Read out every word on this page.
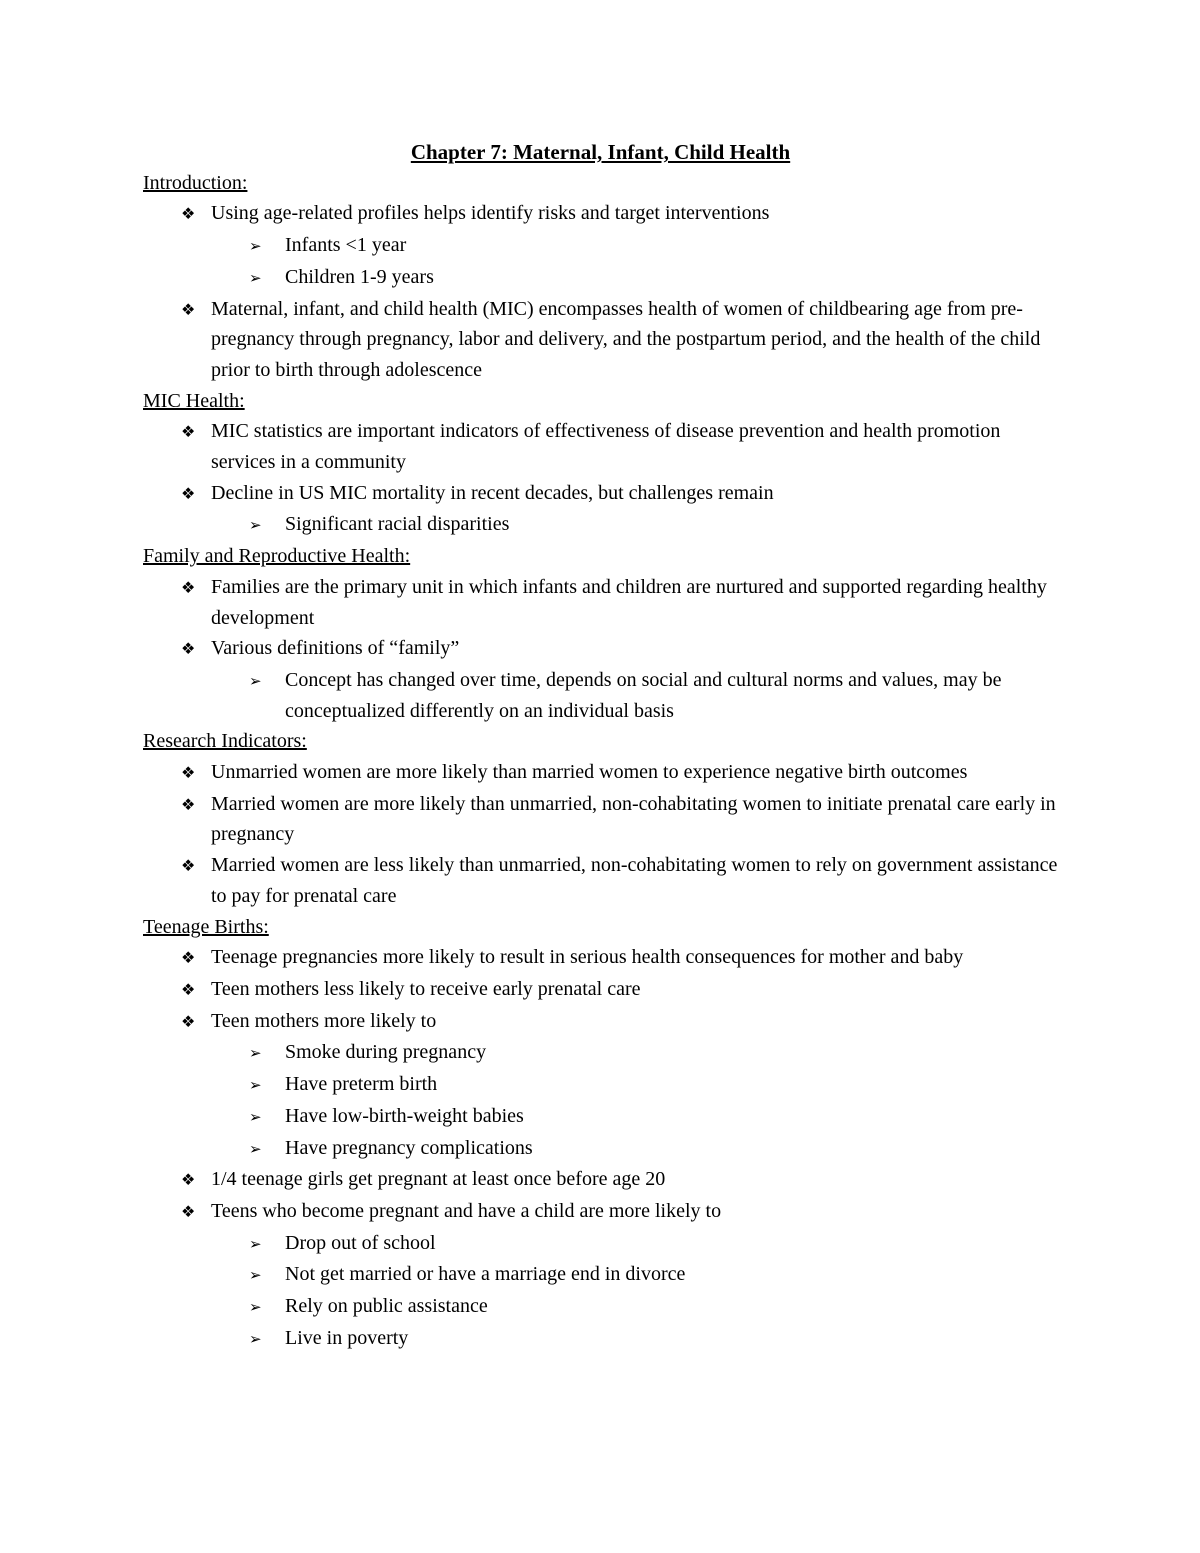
Chapter 7: Maternal, Infant, Child Health
Introduction:
❖ Using age-related profiles helps identify risks and target interventions
➢	Infants <1 year
➢	Children 1-9 years
❖ Maternal, infant, and child health (MIC) encompasses health of women of childbearing age from pre-pregnancy through pregnancy, labor and delivery, and the postpartum period, and the health of the child prior to birth through adolescence
MIC Health:
❖ MIC statistics are important indicators of effectiveness of disease prevention and health promotion services in a community
❖ Decline in US MIC mortality in recent decades, but challenges remain
➢	Significant racial disparities
Family and Reproductive Health:
❖ Families are the primary unit in which infants and children are nurtured and supported regarding healthy development
❖ Various definitions of “family”
➢	Concept has changed over time, depends on social and cultural norms and values, may be conceptualized differently on an individual basis
Research Indicators:
❖ Unmarried women are more likely than married women to experience negative birth outcomes
❖ Married women are more likely than unmarried, non-cohabitating women to initiate prenatal care early in pregnancy
❖ Married women are less likely than unmarried, non-cohabitating women to rely on government assistance to pay for prenatal care
Teenage Births:
❖ Teenage pregnancies more likely to result in serious health consequences for mother and baby
❖ Teen mothers less likely to receive early prenatal care
❖ Teen mothers more likely to
➢	Smoke during pregnancy
➢	Have preterm birth
➢	Have low-birth-weight babies
➢	Have pregnancy complications
❖ 1/4 teenage girls get pregnant at least once before age 20
❖ Teens who become pregnant and have a child are more likely to
➢	Drop out of school
➢	Not get married or have a marriage end in divorce
➢	Rely on public assistance
➢	Live in poverty
